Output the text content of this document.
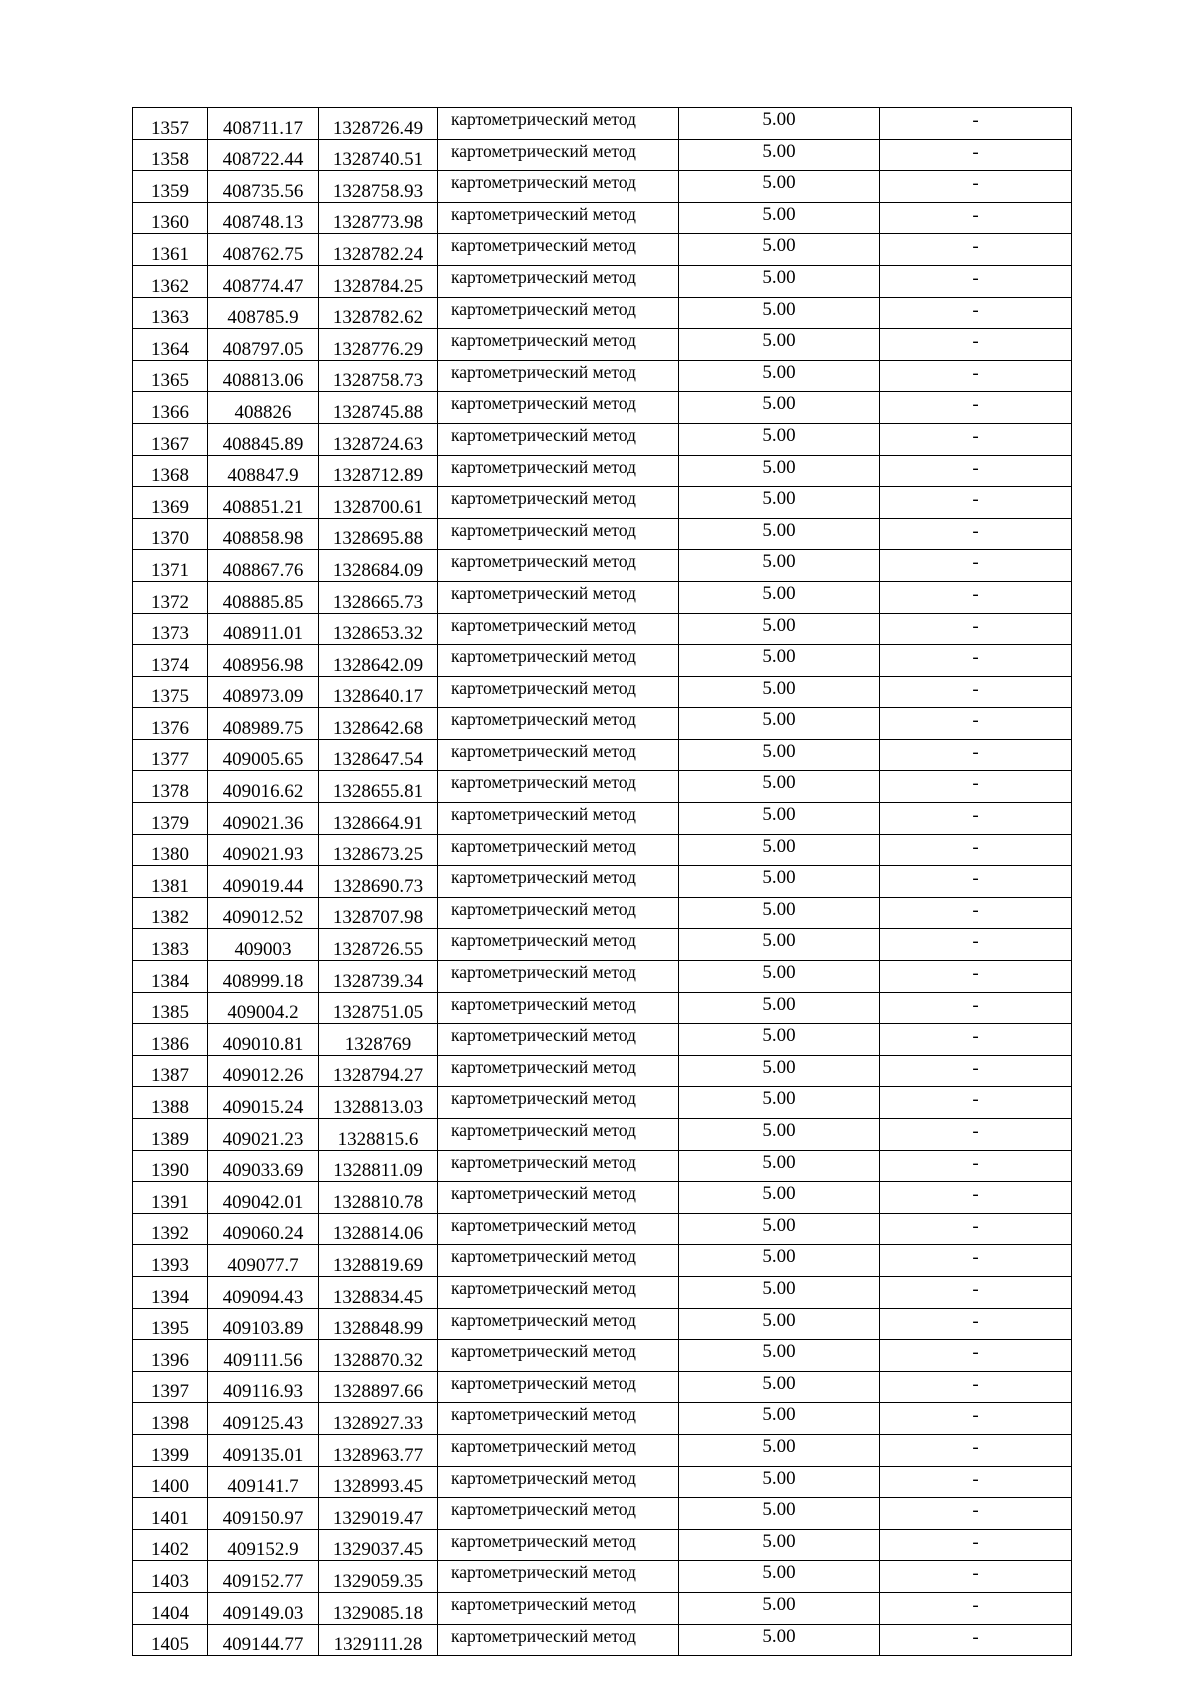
1357	408711.17	1328726.49	картометрический метод	5.00	-

1358	408722.44	1328740.51	картометрический метод	5.00	-

1359	408735.56	1328758.93	картометрический метод	5.00	-

1360	408748.13	1328773.98	картометрический метод	5.00	-

1361	408762.75	1328782.24	картометрический метод	5.00	-

1362	408774.47	1328784.25	картометрический метод	5.00	-

1363	408785.9	1328782.62	картометрический метод	5.00	-

1364	408797.05	1328776.29	картометрический метод	5.00	-

1365	408813.06	1328758.73	картометрический метод	5.00	-

1366	408826	1328745.88	картометрический метод	5.00	-

1367	408845.89	1328724.63	картометрический метод	5.00	-

1368	408847.9	1328712.89	картометрический метод	5.00	-

1369	408851.21	1328700.61	картометрический метод	5.00	-

1370	408858.98	1328695.88	картометрический метод	5.00	-

1371	408867.76	1328684.09	картометрический метод	5.00	-

1372	408885.85	1328665.73	картометрический метод	5.00	-

1373	408911.01	1328653.32	картометрический метод	5.00	-

1374	408956.98	1328642.09	картометрический метод	5.00	-

1375	408973.09	1328640.17	картометрический метод	5.00	-

1376	408989.75	1328642.68	картометрический метод	5.00	-

1377	409005.65	1328647.54	картометрический метод	5.00	-

1378	409016.62	1328655.81	картометрический метод	5.00	-

1379	409021.36	1328664.91	картометрический метод	5.00	-

1380	409021.93	1328673.25	картометрический метод	5.00	-

1381	409019.44	1328690.73	картометрический метод	5.00	-

1382	409012.52	1328707.98	картометрический метод	5.00	-

1383	409003	1328726.55	картометрический метод	5.00	-

1384	408999.18	1328739.34	картометрический метод	5.00	-

1385	409004.2	1328751.05	картометрический метод	5.00	-

1386	409010.81	1328769	картометрический метод	5.00	-

1387	409012.26	1328794.27	картометрический метод	5.00	-

1388	409015.24	1328813.03	картометрический метод	5.00	-

1389	409021.23	1328815.6	картометрический метод	5.00	-

1390	409033.69	1328811.09	картометрический метод	5.00	-

1391	409042.01	1328810.78	картометрический метод	5.00	-

1392	409060.24	1328814.06	картометрический метод	5.00	-

1393	409077.7	1328819.69	картометрический метод	5.00	-

1394	409094.43	1328834.45	картометрический метод	5.00	-

1395	409103.89	1328848.99	картометрический метод	5.00	-

1396	409111.56	1328870.32	картометрический метод	5.00	-

1397	409116.93	1328897.66	картометрический метод	5.00	-

1398	409125.43	1328927.33	картометрический метод	5.00	-

1399	409135.01	1328963.77	картометрический метод	5.00	-

1400	409141.7	1328993.45	картометрический метод	5.00	-

1401	409150.97	1329019.47	картометрический метод	5.00	-

1402	409152.9	1329037.45	картометрический метод	5.00	-

1403	409152.77	1329059.35	картометрический метод	5.00	-

1404	409149.03	1329085.18	картометрический метод	5.00	-

1405	409144.77	1329111.28	картометрический метод	5.00	-
